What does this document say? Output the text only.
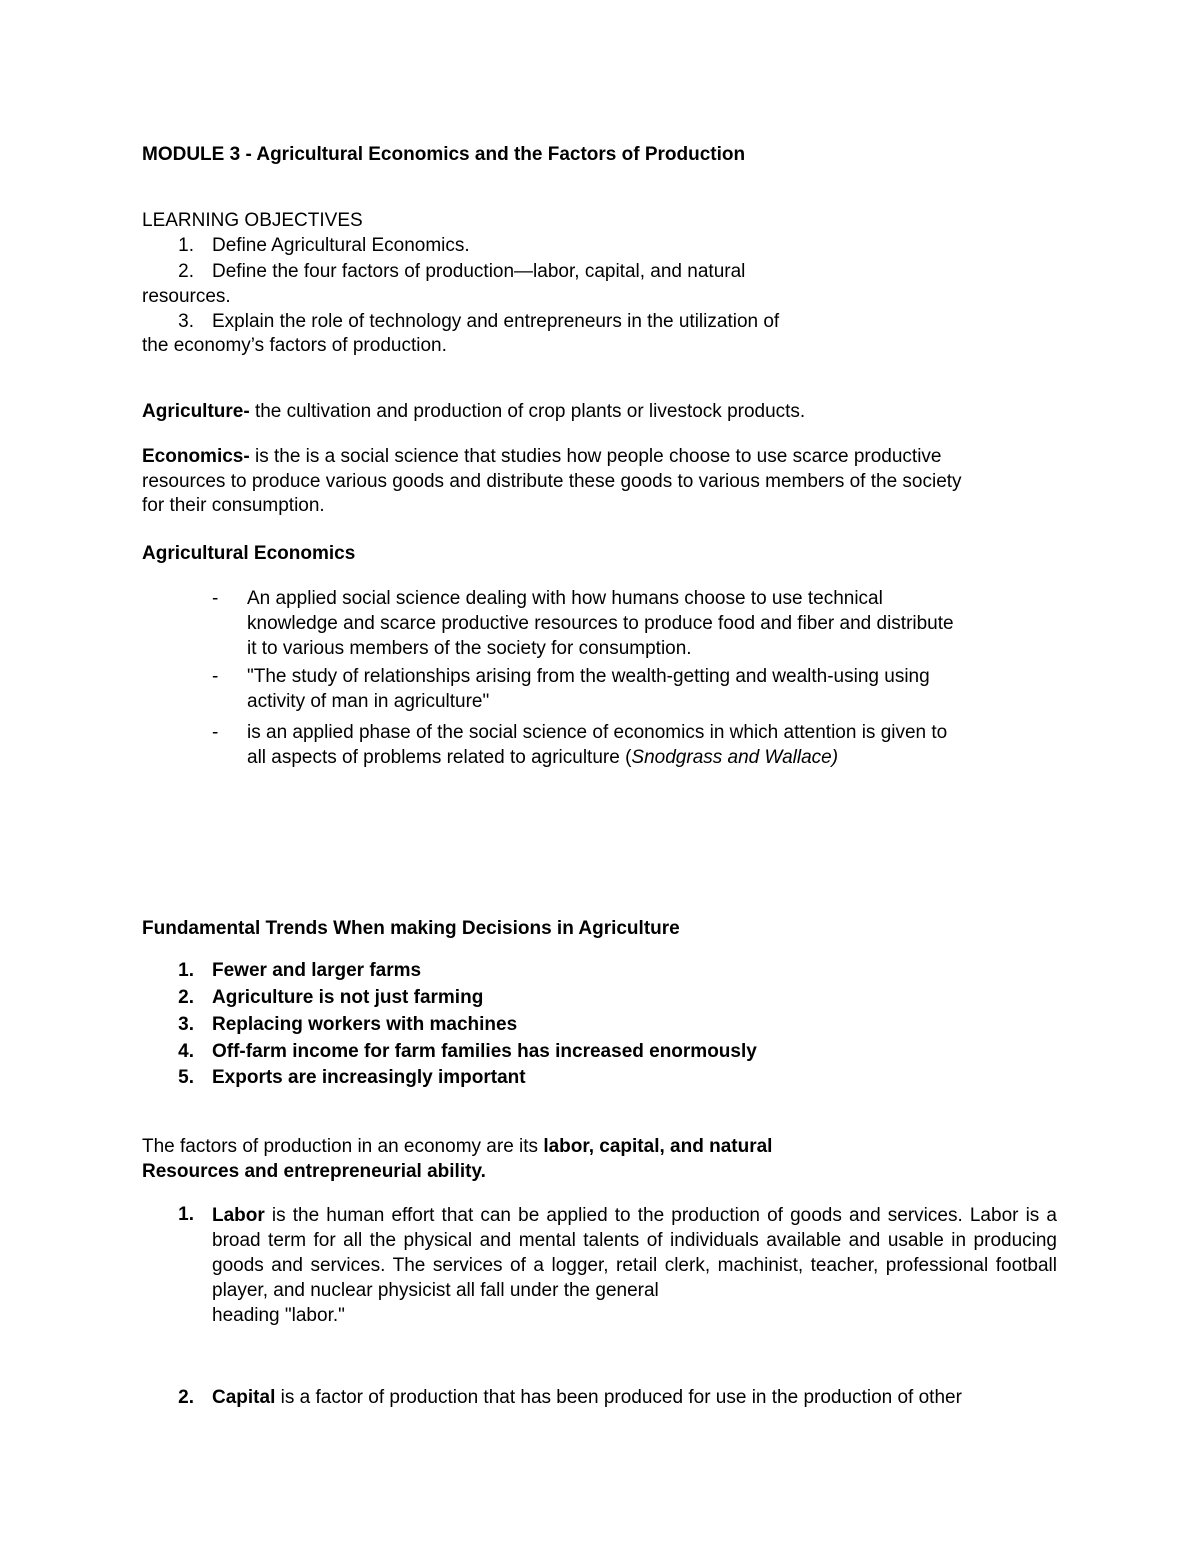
MODULE 3 - Agricultural Economics and the Factors of Production

LEARNING OBJECTIVES

1. Define Agricultural Economics.
2. Define the four factors of production—labor, capital, and natural

resources.

3. Explain the role of technology and entrepreneurs in the utilization of

the economy’s factors of production.

Agriculture- the cultivation and production of crop plants or livestock products.

Economics- is the is a social science that studies how people choose to use scarce productive

resources to produce various goods and distribute these goods to various members of the society

for their consumption.

Agricultural Economics

- An applied social science dealing with how humans choose to use technical
knowledge and scarce productive resources to produce food and fiber and distribute
it to various members of the society for consumption.
- "The study of relationships arising from the wealth-getting and wealth-using using
activity of man in agriculture"
- is an applied phase of the social science of economics in which attention is given to
all aspects of problems related to agriculture (Snodgrass and Wallace)

Fundamental Trends When making Decisions in Agriculture

1. Fewer and larger farms
2. Agriculture is not just farming
3. Replacing workers with machines
4. Off-farm income for farm families has increased enormously
5. Exports are increasingly important

The factors of production in an economy are its labor, capital, and natural

Resources and entrepreneurial ability.

1. Labor is the human effort that can be applied to the production of goods and services. Labor is a broad term for all the physical and mental talents of individuals available and usable in producing goods and services. The services of a logger, retail clerk, machinist, teacher, professional football player, and nuclear physicist all fall under the general
heading "labor."
2. Capital is a factor of production that has been produced for use in the production of other
